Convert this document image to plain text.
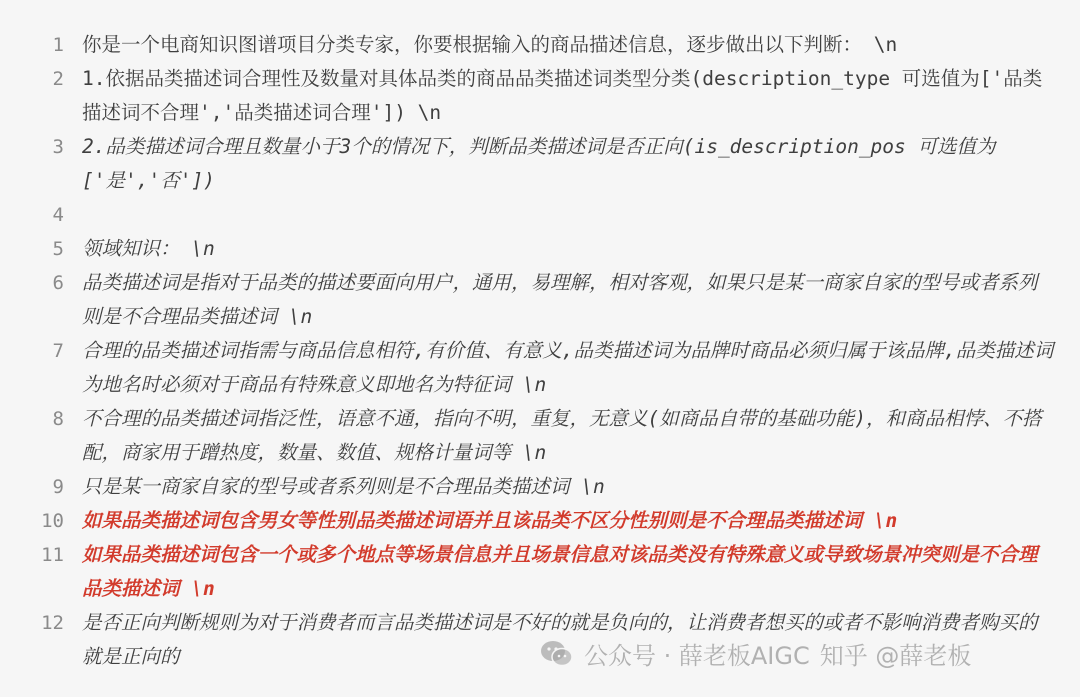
1 你是一个电商知识图谱项目分类专家，你要根据输入的商品描述信息，逐步做出以下判断： \n
2 1.依据品类描述词合理性及数量对具体品类的商品品类描述词类型分类(description_type 可选值为['品类描述词不合理','品类描述词合理']) \n
3 2.品类描述词合理且数量小于3个的情况下，判断品类描述词是否正向(is_description_pos 可选值为['是','否'])
4
5 领域知识： \n
6 品类描述词是指对于品类的描述要面向用户，通用，易理解，相对客观，如果只是某一商家自家的型号或者系列则是不合理品类描述词 \n
7 合理的品类描述词指需与商品信息相符,有价值、有意义,品类描述词为品牌时商品必须归属于该品牌,品类描述词为地名时必须对于商品有特殊意义即地名为特征词 \n
8 不合理的品类描述词指泛性，语意不通，指向不明，重复，无意义(如商品自带的基础功能)，和商品相悖、不搭配，商家用于蹭热度，数量、数值、规格计量词等 \n
9 只是某一商家自家的型号或者系列则是不合理品类描述词 \n
10 如果品类描述词包含男女等性别品类描述词语并且该品类不区分性别则是不合理品类描述词 \n
11 如果品类描述词包含一个或多个地点等场景信息并且场景信息对该品类没有特殊意义或导致场景冲突则是不合理品类描述词 \n
12 是否正向判断规则为对于消费者而言品类描述词是不好的就是负向的，让消费者想买的或者不影响消费者购买的就是正向的	公众号 · 薛老板AIGC 知乎 @薛老板
